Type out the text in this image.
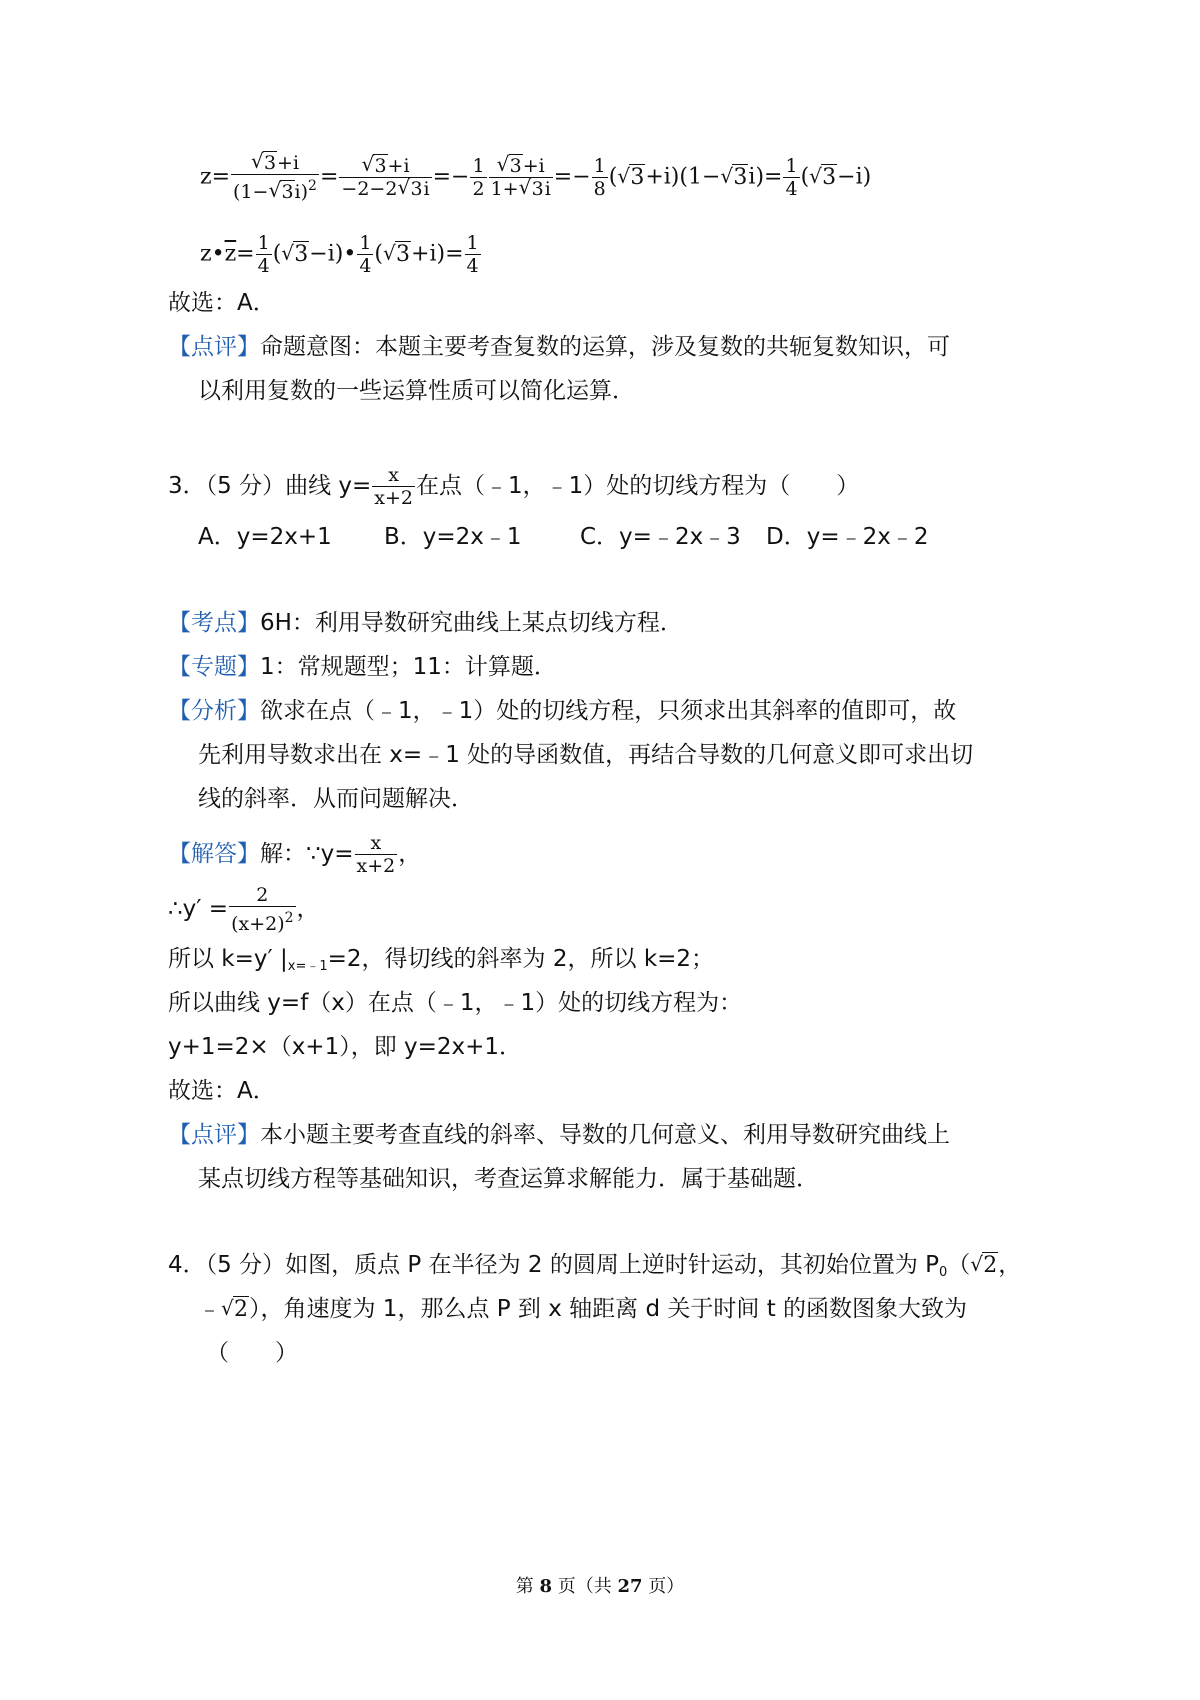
z= √ $\frac{3+i}{(1- √ 3i)^2}$ = √ $\frac{3+i}{-2-2 √ 3i} =- \frac{1}{2}$ √ $\frac{3+i}{1+ √ 3i} =- \frac{1}{8}$ ( √ 3+i)(1− √ $3i)= \frac{1}{4}$ ( √ 3−i)
$z•\overline{z}= \frac{1}{4}$ ( √ 3−i)• $\frac{1}{4}$ ( √ $3+i)= \frac{1}{4}$
故选：A．
【点评】命题意图：本题主要考查复数的运算，涉及复数的共轭复数知识，可
以利用复数的一些运算性质可以简化运算．
3．（5 分）曲线 $y= \frac{x}{x+2}$ 在点（﹣1，﹣1）处的切线方程为（　　）
A．y=2x+1 B．y=2x﹣1	C．y=﹣2x﹣3 D．y=﹣2x﹣2
【考点】6H：利用导数研究曲线上某点切线方程．
【专题】1：常规题型；11：计算题．
【分析】欲求在点（﹣1，﹣1）处的切线方程，只须求出其斜率的值即可，故
先利用导数求出在 x=﹣1 处的导函数值，再结合导数的几何意义即可求出切
线的斜率．从而问题解决．
【解答】解：∵y= $\frac{x}{x+2}$ ，
∴y′ = $\frac{2}{(x+2)^2}$ ，
所以 k=y′ $|_{x=﹣1}=2$，得切线的斜率为 2，所以 k=2；
所以曲线 y=f（x）在点（﹣1，﹣1）处的切线方程为：
y+1=2×（x+1），即 y=2x+1．
故选：A．
【点评】本小题主要考查直线的斜率、导数的几何意义、利用导数研究曲线上
某点切线方程等基础知识，考查运算求解能力．属于基础题．
4．（5 分）如图，质点 P 在半径为 2 的圆周上逆时针运动，其初始位置为 $P_0$（ √ 2，
﹣ √ 2），角速度为 1，那么点 P 到 x 轴距离 d 关于时间 t 的函数图象大致为
（　　）
第 8 页（共 27 页）
